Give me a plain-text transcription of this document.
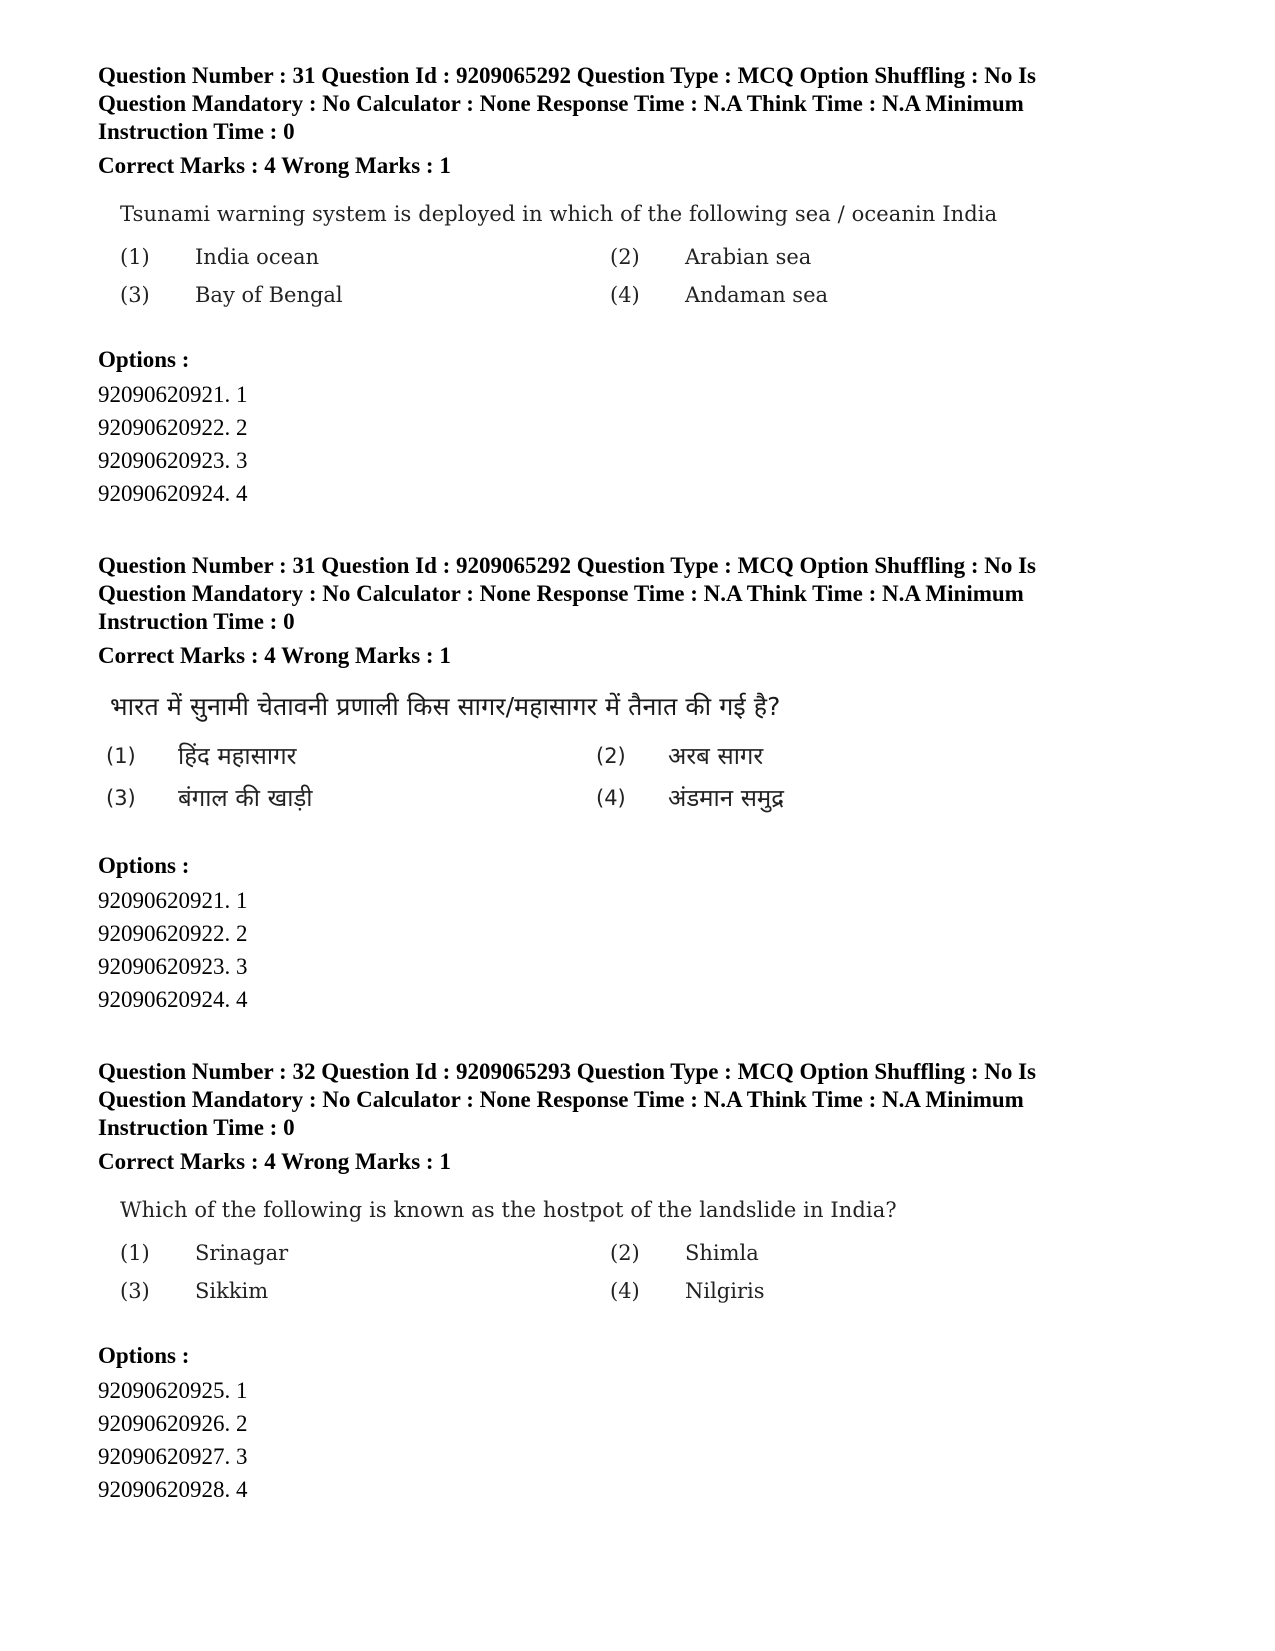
Question Number : 31 Question Id : 9209065292 Question Type : MCQ Option Shuffling : No Is Question Mandatory : No Calculator : None Response Time : N.A Think Time : N.A Minimum Instruction Time : 0
Correct Marks : 4 Wrong Marks : 1
Tsunami warning system is deployed in which of the following sea / oceanin India
(1)	India ocean	(2)	Arabian sea
(3)	Bay of Bengal	(4)	Andaman sea
Options :
92090620921. 1
92090620922. 2
92090620923. 3
92090620924. 4
Question Number : 31 Question Id : 9209065292 Question Type : MCQ Option Shuffling : No Is Question Mandatory : No Calculator : None Response Time : N.A Think Time : N.A Minimum Instruction Time : 0
Correct Marks : 4 Wrong Marks : 1
भारत में सुनामी चेतावनी प्रणाली किस सागर/महासागर में तैनात की गई है?
(1)	हिंद महासागर	(2)	अरब सागर
(3)	बंगाल की खाड़ी	(4)	अंडमान समुद्र
Options :
92090620921. 1
92090620922. 2
92090620923. 3
92090620924. 4
Question Number : 32 Question Id : 9209065293 Question Type : MCQ Option Shuffling : No Is Question Mandatory : No Calculator : None Response Time : N.A Think Time : N.A Minimum Instruction Time : 0
Correct Marks : 4 Wrong Marks : 1
Which of the following is known as the hostpot of the landslide in India?
(1)	Srinagar	(2)	Shimla
(3)	Sikkim	(4)	Nilgiris
Options :
92090620925. 1
92090620926. 2
92090620927. 3
92090620928. 4
